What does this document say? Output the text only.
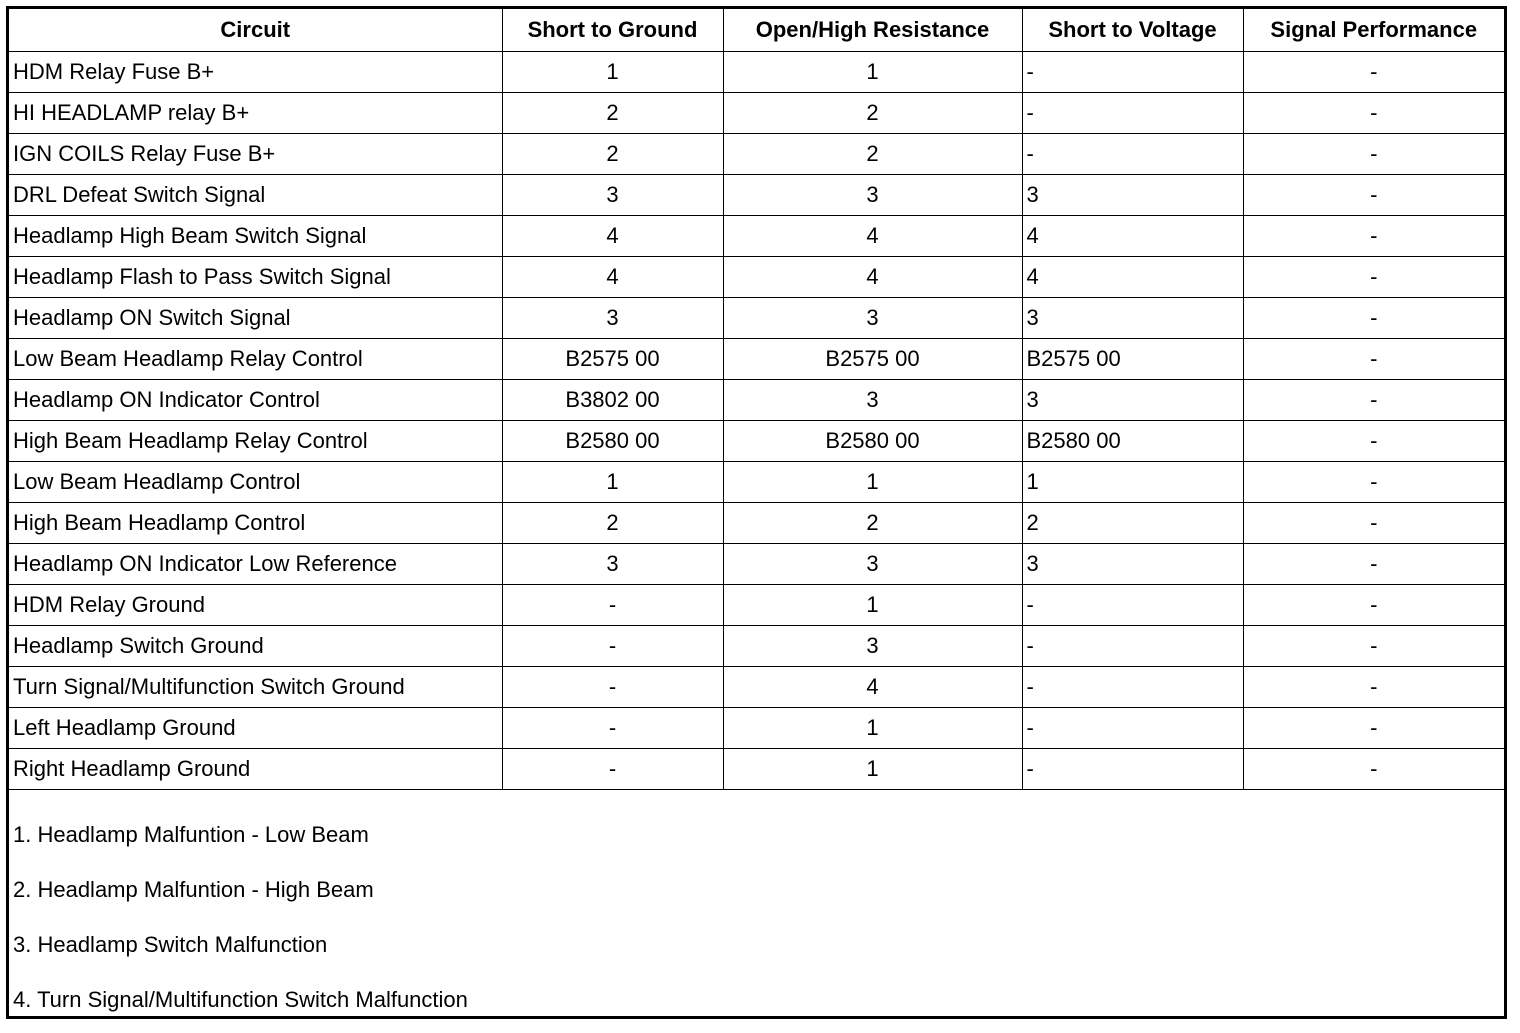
Circuit	Short to Ground	Open/High Resistance	Short to Voltage	Signal Performance
HDM Relay Fuse B+	1	1	-	-
HI HEADLAMP relay B+	2	2	-	-
IGN COILS Relay Fuse B+	2	2	-	-
DRL Defeat Switch Signal	3	3	3	-
Headlamp High Beam Switch Signal	4	4	4	-
Headlamp Flash to Pass Switch Signal	4	4	4	-
Headlamp ON Switch Signal	3	3	3	-
Low Beam Headlamp Relay Control	B2575 00	B2575 00	B2575 00	-
Headlamp ON Indicator Control	B3802 00	3	3	-
High Beam Headlamp Relay Control	B2580 00	B2580 00	B2580 00	-
Low Beam Headlamp Control	1	1	1	-
High Beam Headlamp Control	2	2	2	-
Headlamp ON Indicator Low Reference	3	3	3	-
HDM Relay Ground	-	1	-	-
Headlamp Switch Ground	-	3	-	-
Turn Signal/Multifunction Switch Ground	-	4	-	-
Left Headlamp Ground	-	1	-	-
Right Headlamp Ground	-	1	-	-
1. Headlamp Malfuntion - Low Beam
2. Headlamp Malfuntion - High Beam
3. Headlamp Switch Malfunction
4. Turn Signal/Multifunction Switch Malfunction
